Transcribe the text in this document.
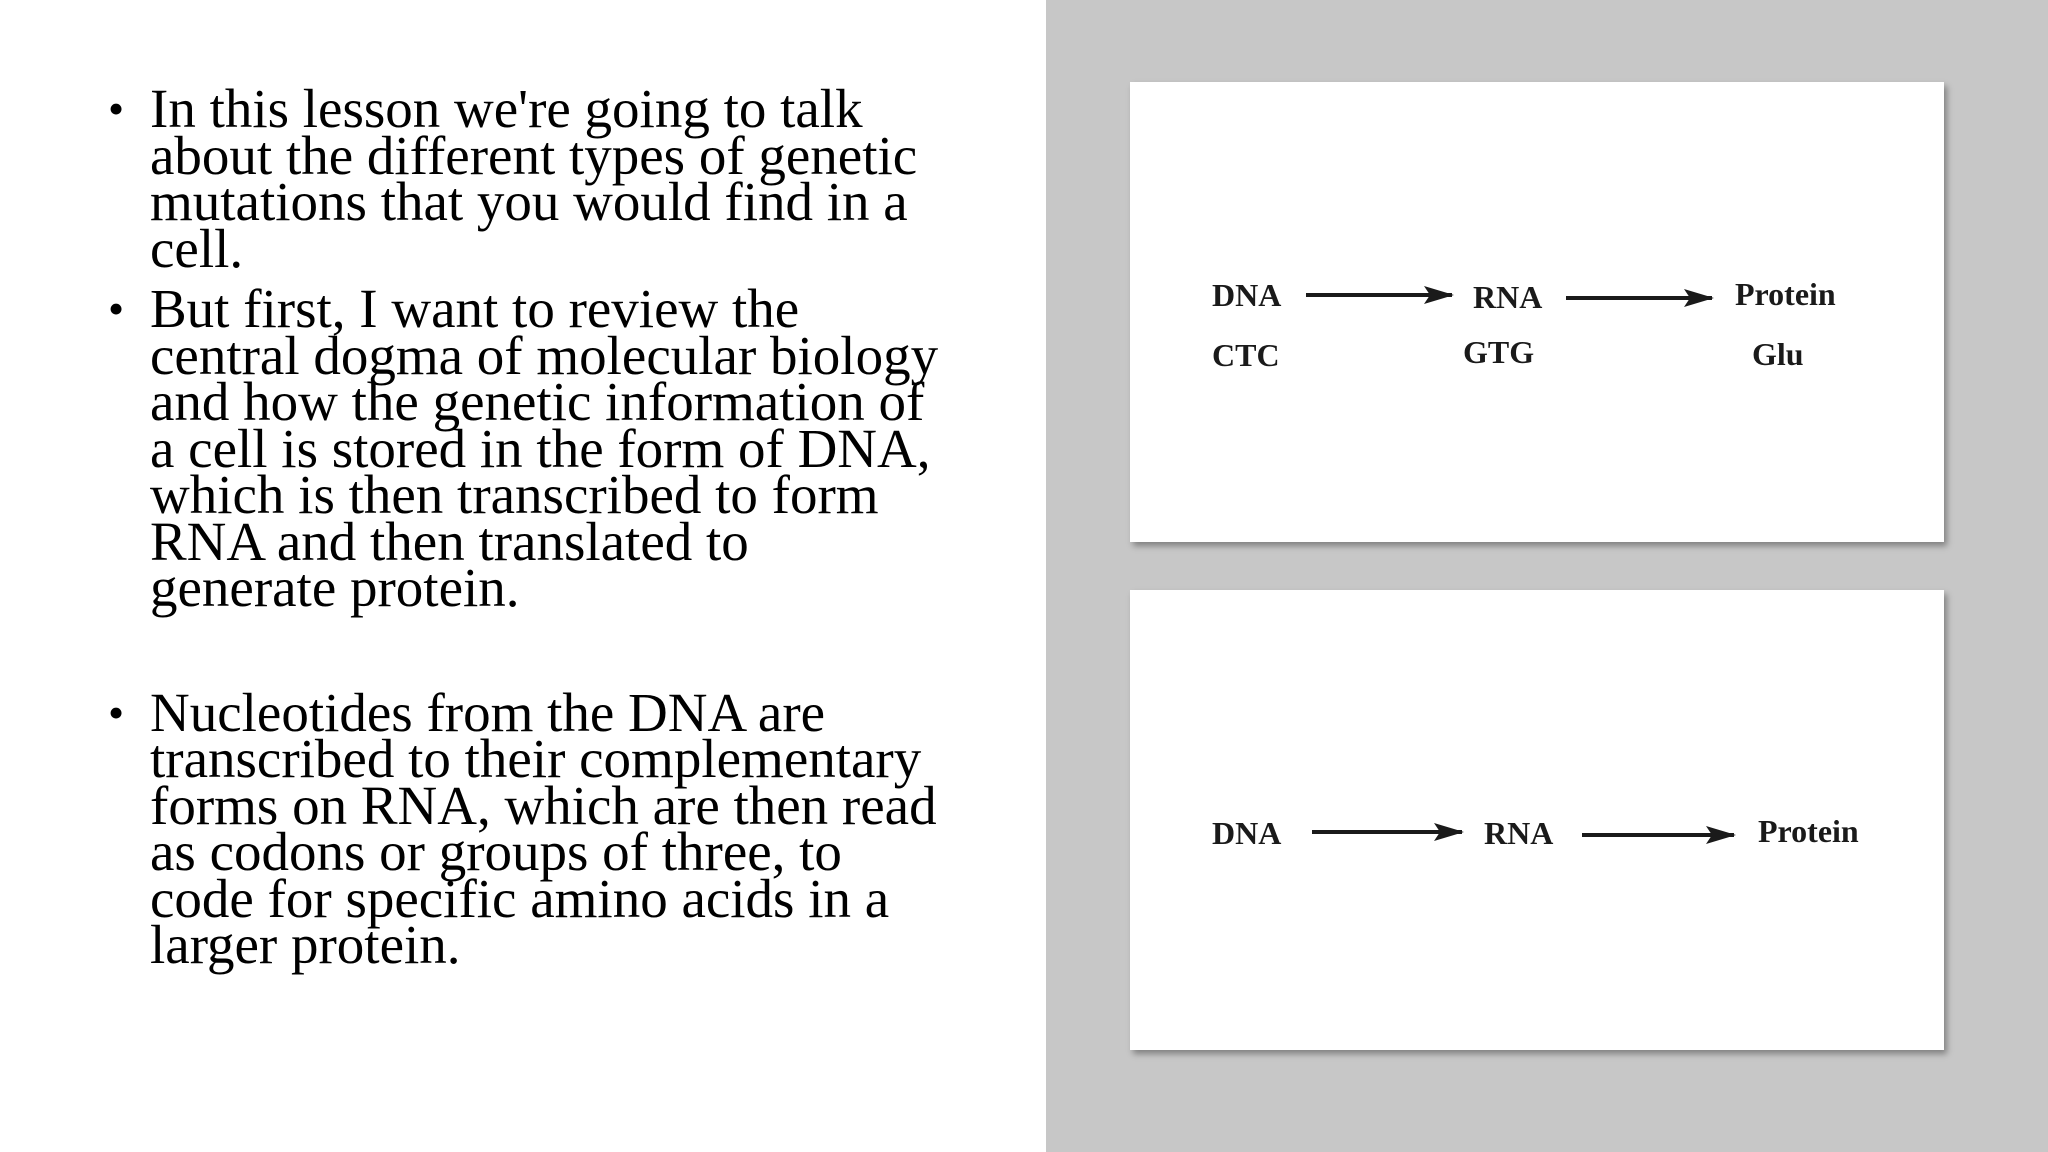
• In this lesson we're going to talk
about the different types of genetic
mutations that you would find in a
cell.
• But first, I want to review the
central dogma of molecular biology
and how the genetic information of
a cell is stored in the form of DNA,
which is then transcribed to form
RNA and then translated to
generate protein.
• Nucleotides from the DNA are
transcribed to their complementary
forms on RNA, which are then read
as codons or groups of three, to
code for specific amino acids in a
larger protein.
DNA	RNA	Protein
CTC	GTG	Glu
DNA	RNA	Protein
